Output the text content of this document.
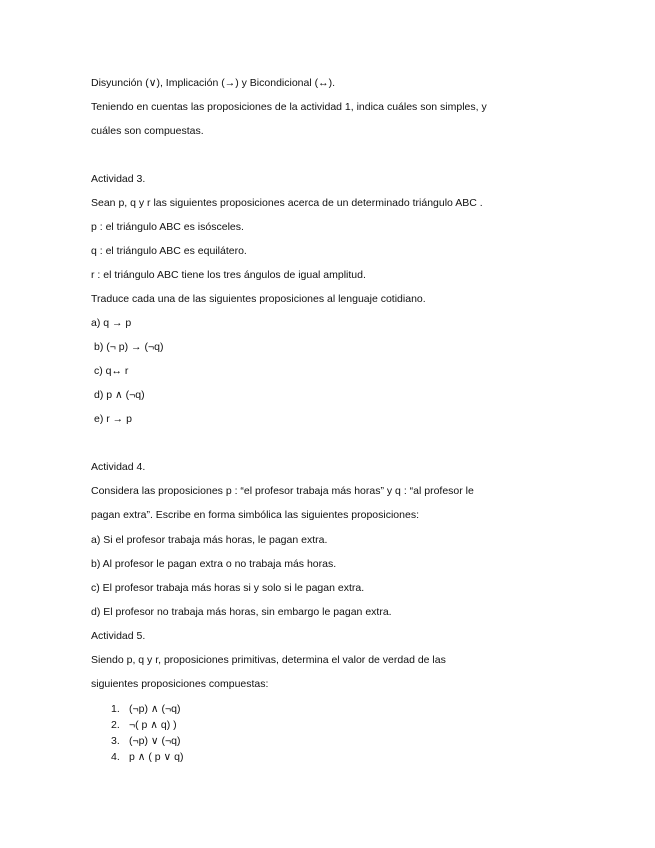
Disyunción (∨), Implicación (→) y Bicondicional (↔).
Teniendo en cuentas las proposiciones de la actividad 1, indica cuáles son simples, y
cuáles son compuestas.
Actividad 3.
Sean p, q y r las siguientes proposiciones acerca de un determinado triángulo ABC .
p : el triángulo ABC es isósceles.
q : el triángulo ABC es equilátero.
r : el triángulo ABC tiene los tres ángulos de igual amplitud.
Traduce cada una de las siguientes proposiciones al lenguaje cotidiano.
a) q → p
b) (¬ p) → (¬q)
c) q↔ r
d) p ∧ (¬q)
e) r → p
Actividad 4.
Considera las proposiciones p : “el profesor trabaja más horas” y q : “al profesor le
pagan extra”. Escribe en forma simbólica las siguientes proposiciones:
a) Si el profesor trabaja más horas, le pagan extra.
b) Al profesor le pagan extra o no trabaja más horas.
c) El profesor trabaja más horas si y solo si le pagan extra.
d) El profesor no trabaja más horas, sin embargo le pagan extra.
Actividad 5.
Siendo p, q y r, proposiciones primitivas, determina el valor de verdad de las
siguientes proposiciones compuestas:
1. (¬p) ∧ (¬q)
2. ¬( p ∧ q) )
3. (¬p) ∨ (¬q)
4. p ∧ ( p ∨ q)
